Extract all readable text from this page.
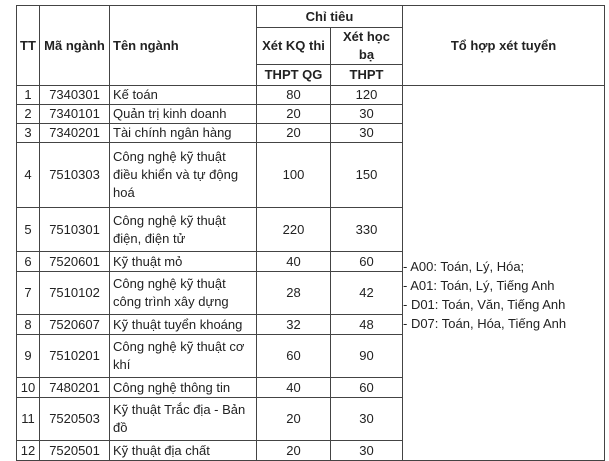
TT	Mã ngành	Tên ngành	Chỉ tiêu		Tổ hợp xét tuyển
			Xét KQ thi	Xét học bạ	
			THPT QG	THPT	
1	7340301	Kế toán	80	120	- A00: Toán, Lý, Hóa;
- A01: Toán, Lý, Tiếng Anh
- D01: Toán, Văn, Tiếng Anh
- D07: Toán, Hóa, Tiếng Anh

2	7340101	Quản trị kinh doanh	20	30	
3	7340201	Tài chính ngân hàng	20	30	
4	7510303	Công nghệ kỹ thuật
điều khiển và tự động
hoá	100	150	
5	7510301	Công nghệ kỹ thuật
điện, điện tử	220	330	
6	7520601	Kỹ thuật mỏ	40	60	
7	7510102	Công nghệ kỹ thuật
công trình xây dựng	28	42	
8	7520607	Kỹ thuật tuyển khoáng	32	48	
9	7510201	Công nghệ kỹ thuật cơ
khí	60	90	
10	7480201	Công nghệ thông tin	40	60	
11	7520503	Kỹ thuật Trắc địa - Bản
đồ	20	30	
12	7520501	Kỹ thuật địa chất	20	30	
